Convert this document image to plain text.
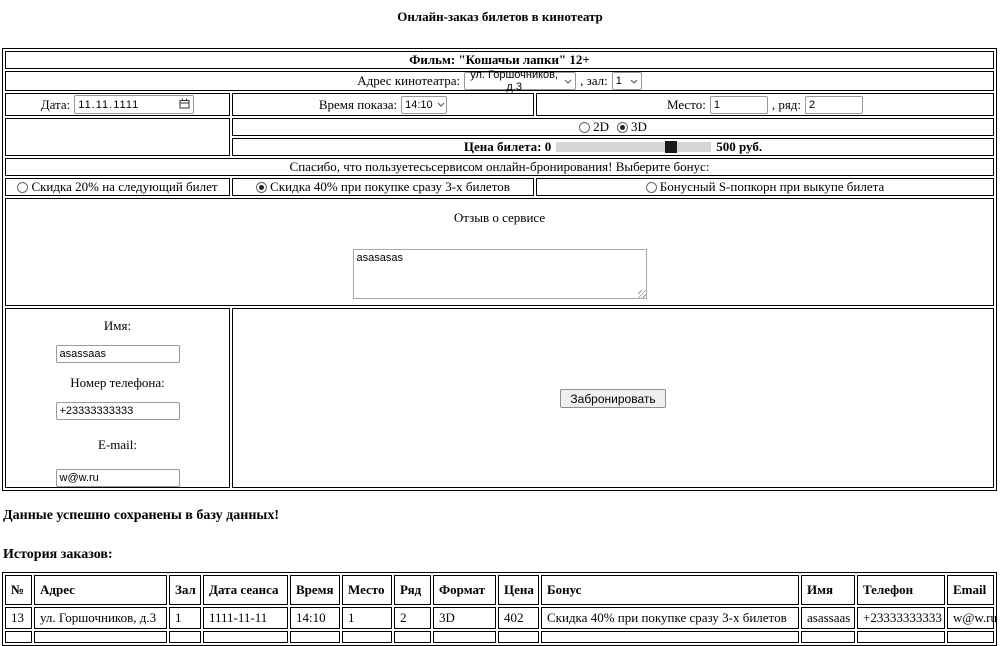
Онлайн-заказ билетов в кинотеатр
Фильм: "Кошачьи лапки" 12+		

Адрес кинотеатра: ул. Горшочников, д.3 , зал: 1		

Дата: 11.11.1111	Время показа: 14:10	Место: 1 , ряд: 2

	2D 3D	

	Цена билета: 0 500 руб.	

Спасибо, что пользуетесьсервисом онлайн-бронирования! Выберите бонус:		
Скидка 20% на следующий билет	Скидка 40% при покупке сразу 3-х билетов	Бонусный S-попкорн при выкупе билета

Отзыв о сервисе
asasasas

Имя:
asassaas
Номер телефона:
+23333333333
E-mail:
w@w.ru
	Забронировать
Данные успешно сохранены в базу данных!
История заказов:
№	Адрес	Зал	Дата сеанса	Время	Место	Ряд	Формат	Цена	Бонус	Имя	Телефон	Email
13	ул. Горшочников, д.3	1	1111-11-11	14:10	1	2	3D	402	Скидка 40% при покупке сразу 3-х билетов	asassaas	+23333333333	w@w.ru
